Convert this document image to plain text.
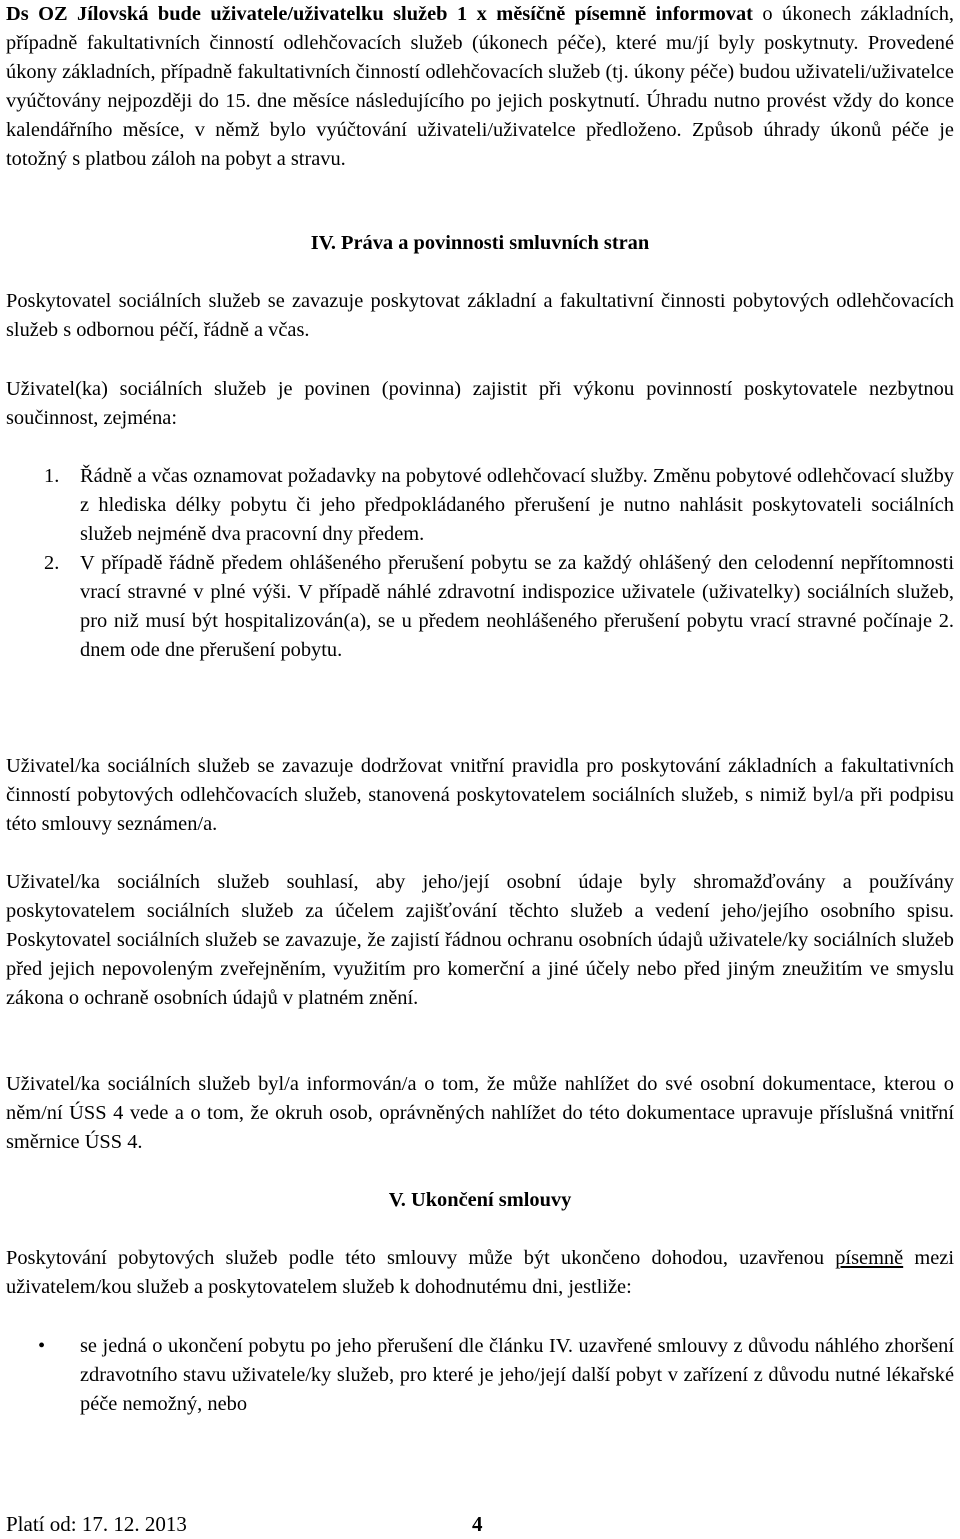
Ds OZ Jílovská bude uživatele/uživatelku služeb 1 x měsíčně písemně informovat o úkonech základních, případně fakultativních činností odlehčovacích služeb (úkonech péče), které mu/jí byly poskytnuty. Provedené úkony základních, případně fakultativních činností odlehčovacích služeb (tj. úkony péče) budou uživateli/uživatelce vyúčtovány nejpozději do 15. dne měsíce následujícího po jejich poskytnutí. Úhradu nutno provést vždy do konce kalendářního měsíce, v němž bylo vyúčtování uživateli/uživatelce předloženo. Způsob úhrady úkonů péče je totožný s platbou záloh na pobyt a stravu.
IV. Práva a povinnosti smluvních stran
Poskytovatel sociálních služeb se zavazuje poskytovat základní a fakultativní činnosti pobytových odlehčovacích služeb s odbornou péčí, řádně a včas.
Uživatel(ka) sociálních služeb je povinen (povinna) zajistit při výkonu povinností poskytovatele nezbytnou součinnost, zejména:
1. Řádně a včas oznamovat požadavky na pobytové odlehčovací služby. Změnu pobytové odlehčovací služby z hlediska délky pobytu či jeho předpokládaného přerušení je nutno nahlásit poskytovateli sociálních služeb nejméně dva pracovní dny předem.
2. V případě řádně předem ohlášeného přerušení pobytu se za každý ohlášený den celodenní nepřítomnosti vrací stravné v plné výši. V případě náhlé zdravotní indispozice uživatele (uživatelky) sociálních služeb, pro niž musí být hospitalizován(a), se u předem neohlášeného přerušení pobytu vrací stravné počínaje 2. dnem ode dne přerušení pobytu.
Uživatel/ka sociálních služeb se zavazuje dodržovat vnitřní pravidla pro poskytování základních a fakultativních činností pobytových odlehčovacích služeb, stanovená poskytovatelem sociálních služeb, s nimiž byl/a při podpisu této smlouvy seznámen/a.
Uživatel/ka sociálních služeb souhlasí, aby jeho/její osobní údaje byly shromažďovány a používány poskytovatelem sociálních služeb za účelem zajišťování těchto služeb a vedení jeho/jejího osobního spisu. Poskytovatel sociálních služeb se zavazuje, že zajistí řádnou ochranu osobních údajů uživatele/ky sociálních služeb před jejich nepovoleným zveřejněním, využitím pro komerční a jiné účely nebo před jiným zneužitím ve smyslu zákona o ochraně osobních údajů v platném znění.
Uživatel/ka sociálních služeb byl/a informován/a o tom, že může nahlížet do své osobní dokumentace, kterou o něm/ní ÚSS 4 vede a o tom, že okruh osob, oprávněných nahlížet do této dokumentace upravuje příslušná vnitřní směrnice ÚSS 4.
V. Ukončení smlouvy
Poskytování pobytových služeb podle této smlouvy může být ukončeno dohodou, uzavřenou písemně mezi uživatelem/kou služeb a poskytovatelem služeb k dohodnutému dni, jestliže:
•	se jedná o ukončení pobytu po jeho přerušení dle článku IV. uzavřené smlouvy z důvodu náhlého zhoršení zdravotního stavu uživatele/ky služeb, pro které je jeho/její další pobyt v zařízení z důvodu nutné lékařské péče nemožný, nebo
Platí od: 17. 12. 2013	4
